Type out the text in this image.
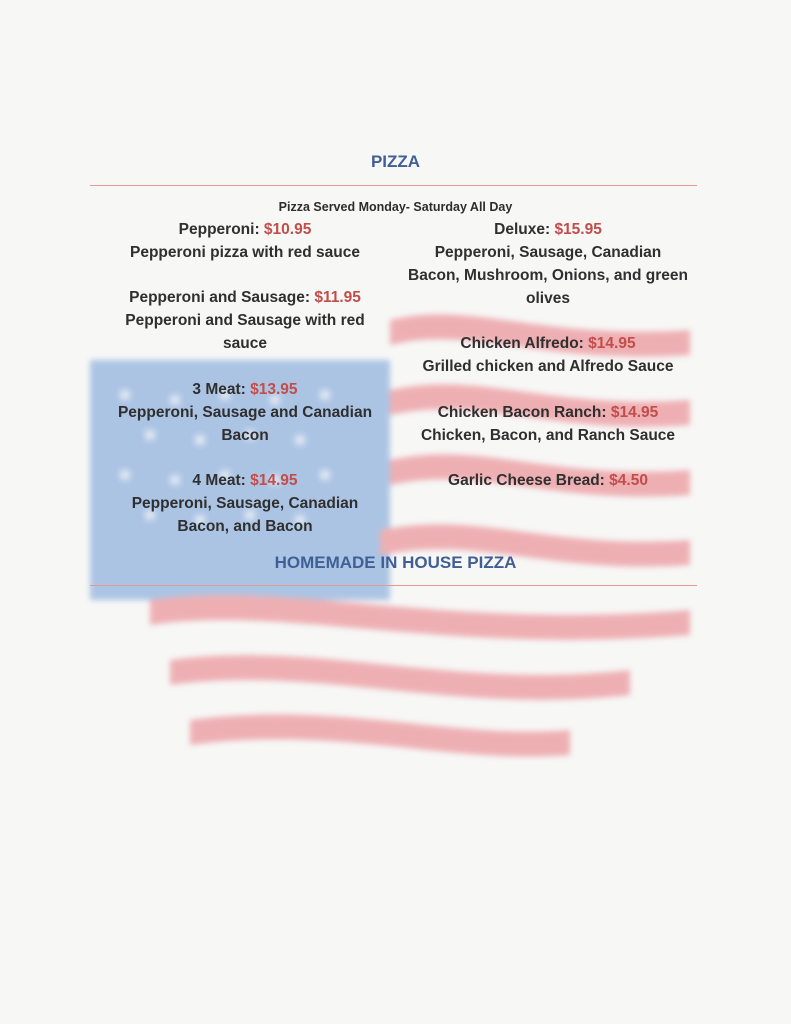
PIZZA
Pizza Served Monday- Saturday All Day
Pepperoni: $10.95
Pepperoni pizza with red sauce
Pepperoni and Sausage: $11.95
Pepperoni and Sausage with red sauce
3 Meat: $13.95
Pepperoni, Sausage and Canadian Bacon
4 Meat: $14.95
Pepperoni, Sausage, Canadian Bacon, and Bacon
Deluxe: $15.95
Pepperoni, Sausage, Canadian Bacon, Mushroom, Onions, and green olives
Chicken Alfredo: $14.95
Grilled chicken and Alfredo Sauce
Chicken Bacon Ranch: $14.95
Chicken, Bacon, and Ranch Sauce
Garlic Cheese Bread: $4.50
HOMEMADE IN HOUSE PIZZA
